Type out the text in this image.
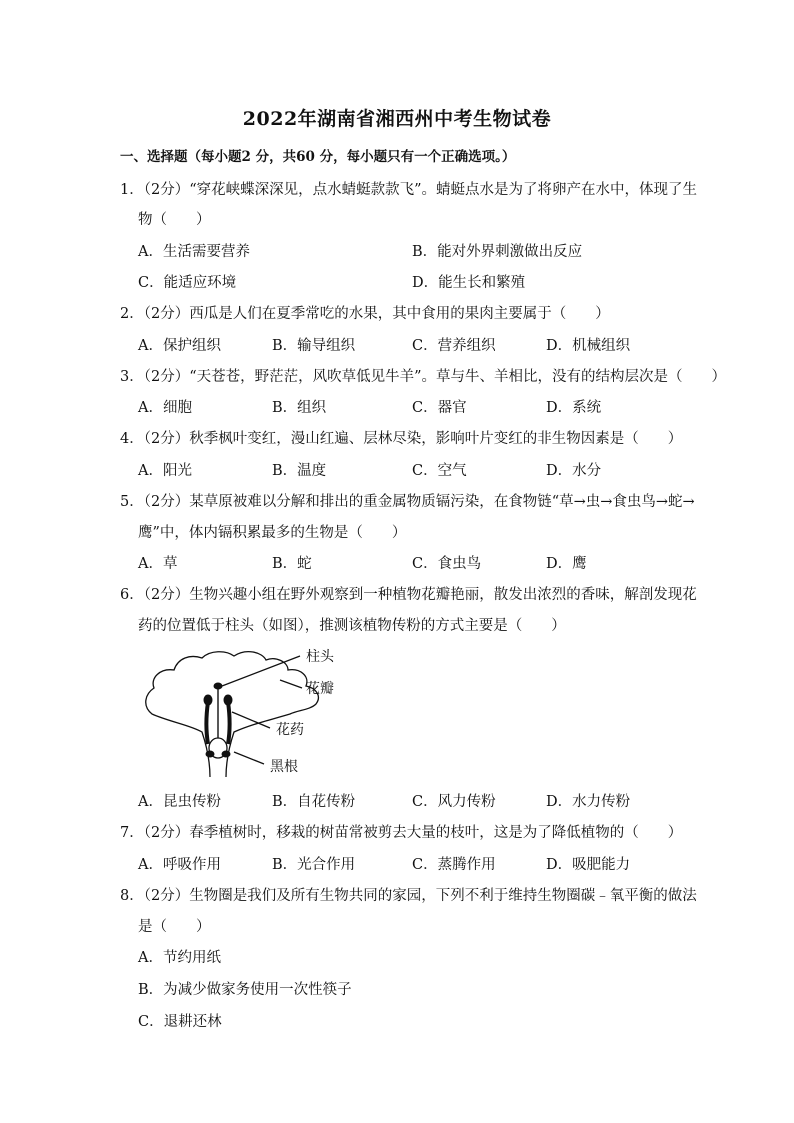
2022年湖南省湘西州中考生物试卷
一、选择题（每小题2 分，共60 分，每小题只有一个正确选项。）
1．（2分）“穿花峡蝶深深见，点水蜻蜓款款飞”。蜻蜓点水是为了将卵产在水中，体现了生
物（　　）
A．生活需要营养	B．能对外界刺激做出反应
C．能适应环境	D．能生长和繁殖
2．（2分）西瓜是人们在夏季常吃的水果，其中食用的果肉主要属于（　　）
A．保护组织	B．输导组织	C．营养组织	D．机械组织
3．（2分）“天苍苍，野茫茫，风吹草低见牛羊”。草与牛、羊相比，没有的结构层次是（　　）
A．细胞	B．组织	C．器官	D．系统
4．（2分）秋季枫叶变红，漫山红遍、层林尽染，影响叶片变红的非生物因素是（　　）
A．阳光	B．温度	C．空气	D．水分
5．（2分）某草原被难以分解和排出的重金属物质镉污染，在食物链“草→虫→食虫鸟→蛇→
鹰”中，体内镉积累最多的生物是（　　）
A．草	B．蛇	C．食虫鸟	D．鹰
6．（2分）生物兴趣小组在野外观察到一种植物花瓣艳丽，散发出浓烈的香味，解剖发现花
药的位置低于柱头（如图），推测该植物传粉的方式主要是（　　）
柱头
花瓣
花药
黑根
A．昆虫传粉	B．自花传粉	C．风力传粉	D．水力传粉
7．（2分）春季植树时，移栽的树苗常被剪去大量的枝叶，这是为了降低植物的（　　）
A．呼吸作用	B．光合作用	C．蒸腾作用	D．吸肥能力
8．（2分）生物圈是我们及所有生物共同的家园，下列不利于维持生物圈碳﹣氧平衡的做法
是（　　）
A．节约用纸
B．为减少做家务使用一次性筷子
C．退耕还林
